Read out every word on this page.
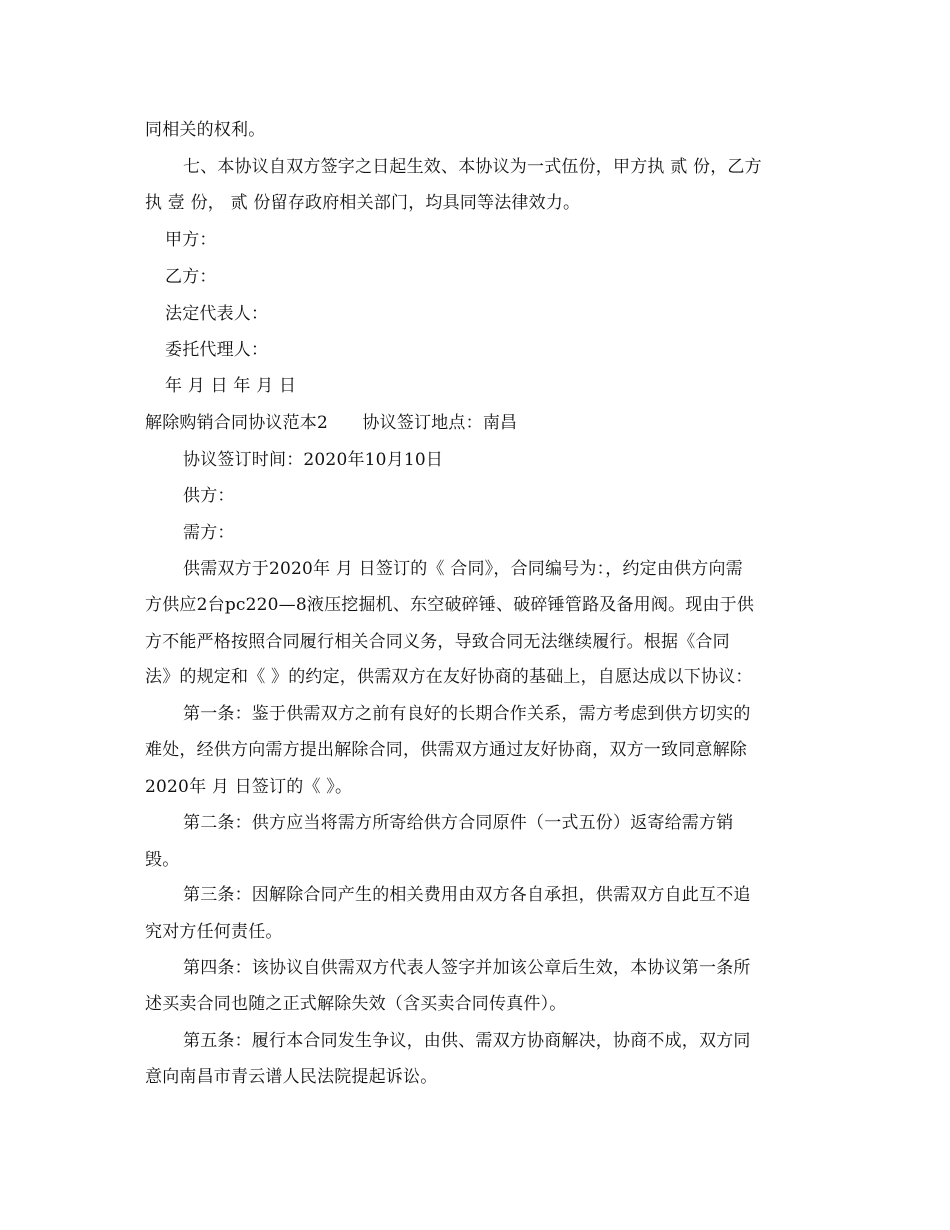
同相关的权利。
七、本协议自双方签字之日起生效、本协议为一式伍份，甲方执 贰 份，乙方
执 壹 份， 贰 份留存政府相关部门，均具同等法律效力。
甲方：
乙方：
法定代表人：
委托代理人：
年 月 日 年 月 日
解除购销合同协议范本2　　协议签订地点：南昌
协议签订时间：2020年10月10日
供方：
需方：
供需双方于2020年 月 日签订的《 合同》，合同编号为：，约定由供方向需
方供应2台pc220—8液压挖掘机、东空破碎锤、破碎锤管路及备用阀。现由于供
方不能严格按照合同履行相关合同义务，导致合同无法继续履行。根据《合同
法》的规定和《 》的约定，供需双方在友好协商的基础上，自愿达成以下协议：
第一条：鉴于供需双方之前有良好的长期合作关系，需方考虑到供方切实的
难处，经供方向需方提出解除合同，供需双方通过友好协商，双方一致同意解除
2020年 月 日签订的《 》。
第二条：供方应当将需方所寄给供方合同原件（一式五份）返寄给需方销
毁。
第三条：因解除合同产生的相关费用由双方各自承担，供需双方自此互不追
究对方任何责任。
第四条：该协议自供需双方代表人签字并加该公章后生效，本协议第一条所
述买卖合同也随之正式解除失效（含买卖合同传真件）。
第五条：履行本合同发生争议，由供、需双方协商解决，协商不成，双方同
意向南昌市青云谱人民法院提起诉讼。
